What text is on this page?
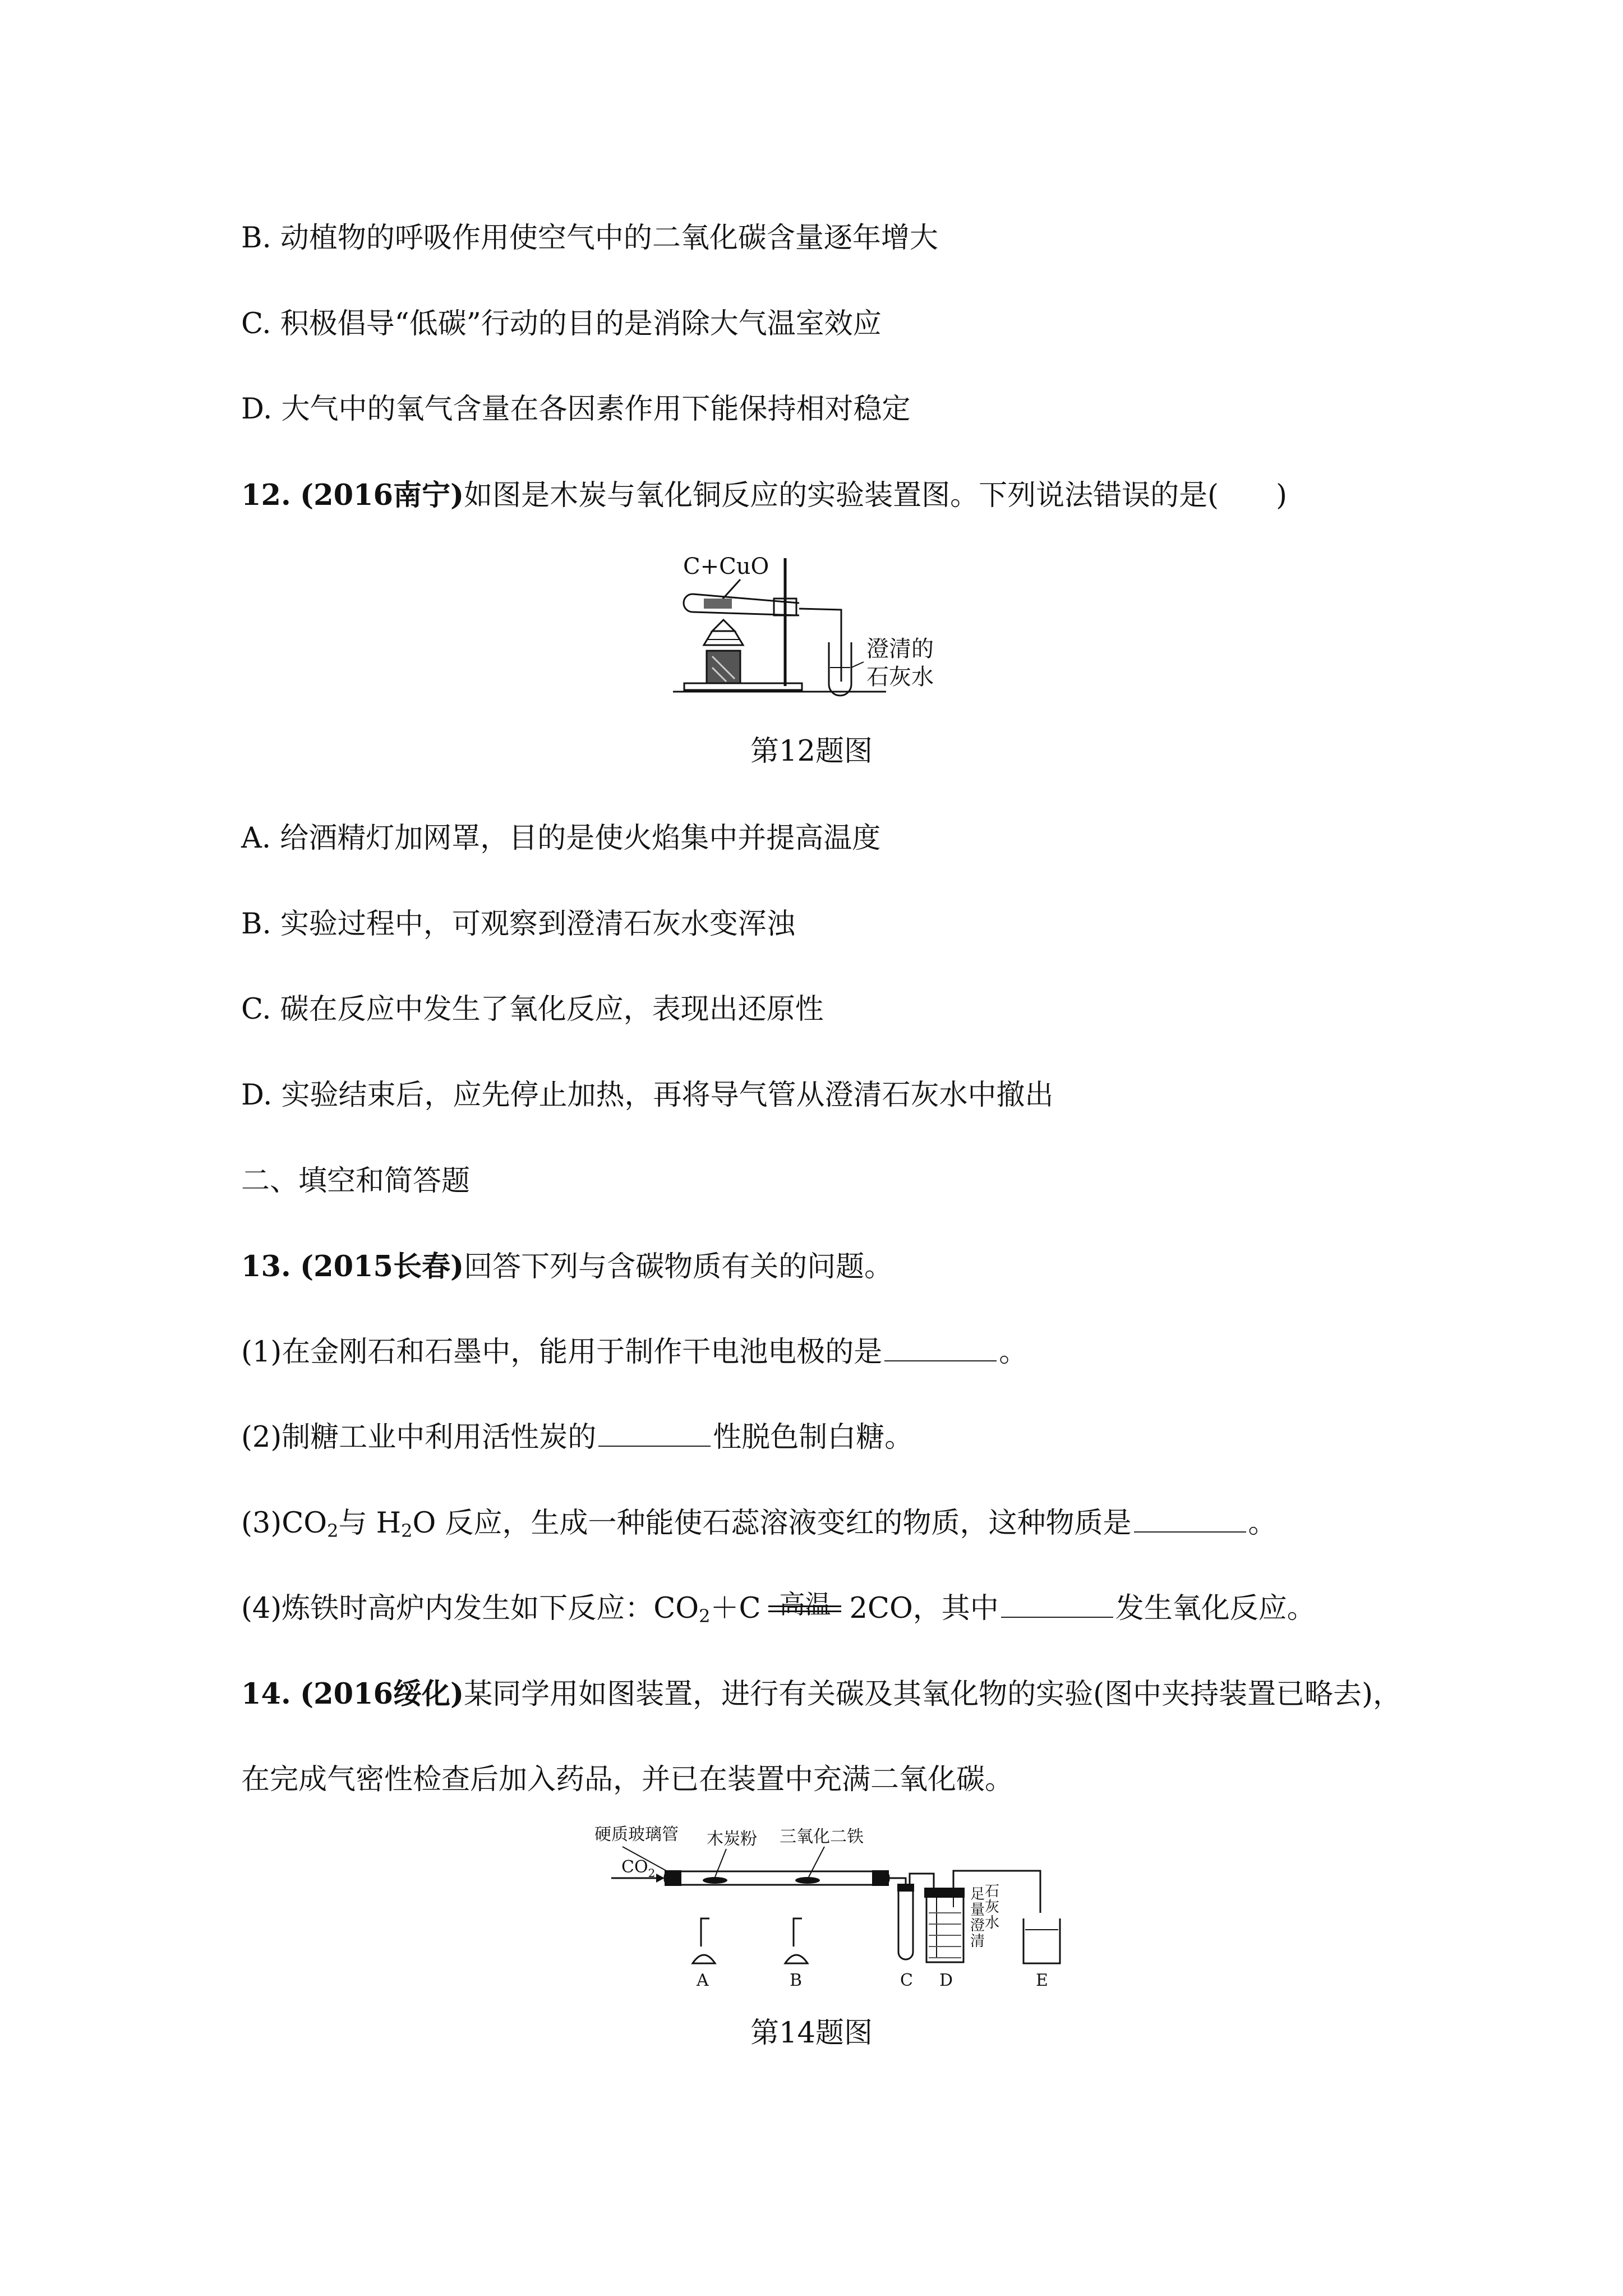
B. 动植物的呼吸作用使空气中的二氧化碳含量逐年增大
C. 积极倡导“低碳”行动的目的是消除大气温室效应
D. 大气中的氧气含量在各因素作用下能保持相对稳定
12. (2016南宁)如图是木炭与氧化铜反应的实验装置图。下列说法错误的是(　　)
C+CuO
澄清的
石灰水
第12题图
A. 给酒精灯加网罩，目的是使火焰集中并提高温度
B. 实验过程中，可观察到澄清石灰水变浑浊
C. 碳在反应中发生了氧化反应，表现出还原性
D. 实验结束后，应先停止加热，再将导气管从澄清石灰水中撤出
二、填空和简答题
13. (2015长春)回答下列与含碳物质有关的问题。
(1)在金刚石和石墨中，能用于制作干电池电极的是	。
(2)制糖工业中利用活性炭的	性脱色制白糖。
$(3)CO_2$与 $H_2O$ 反应，生成一种能使石蕊溶液变红的物质，这种物质是	。
(4)炼铁时高炉内发生如下反应：$CO_2+C$ 高温 2CO，其中	发生氧化反应。
14. (2016绥化)某同学用如图装置，进行有关碳及其氧化物的实验(图中夹持装置已略去)，
在完成气密性检查后加入药品，并已在装置中充满二氧化碳。
硬质玻璃管 木炭粉 三氧化二铁
$CO_2$
足 石
量 灰
澄 水
清
A	B	C D	E
第14题图
